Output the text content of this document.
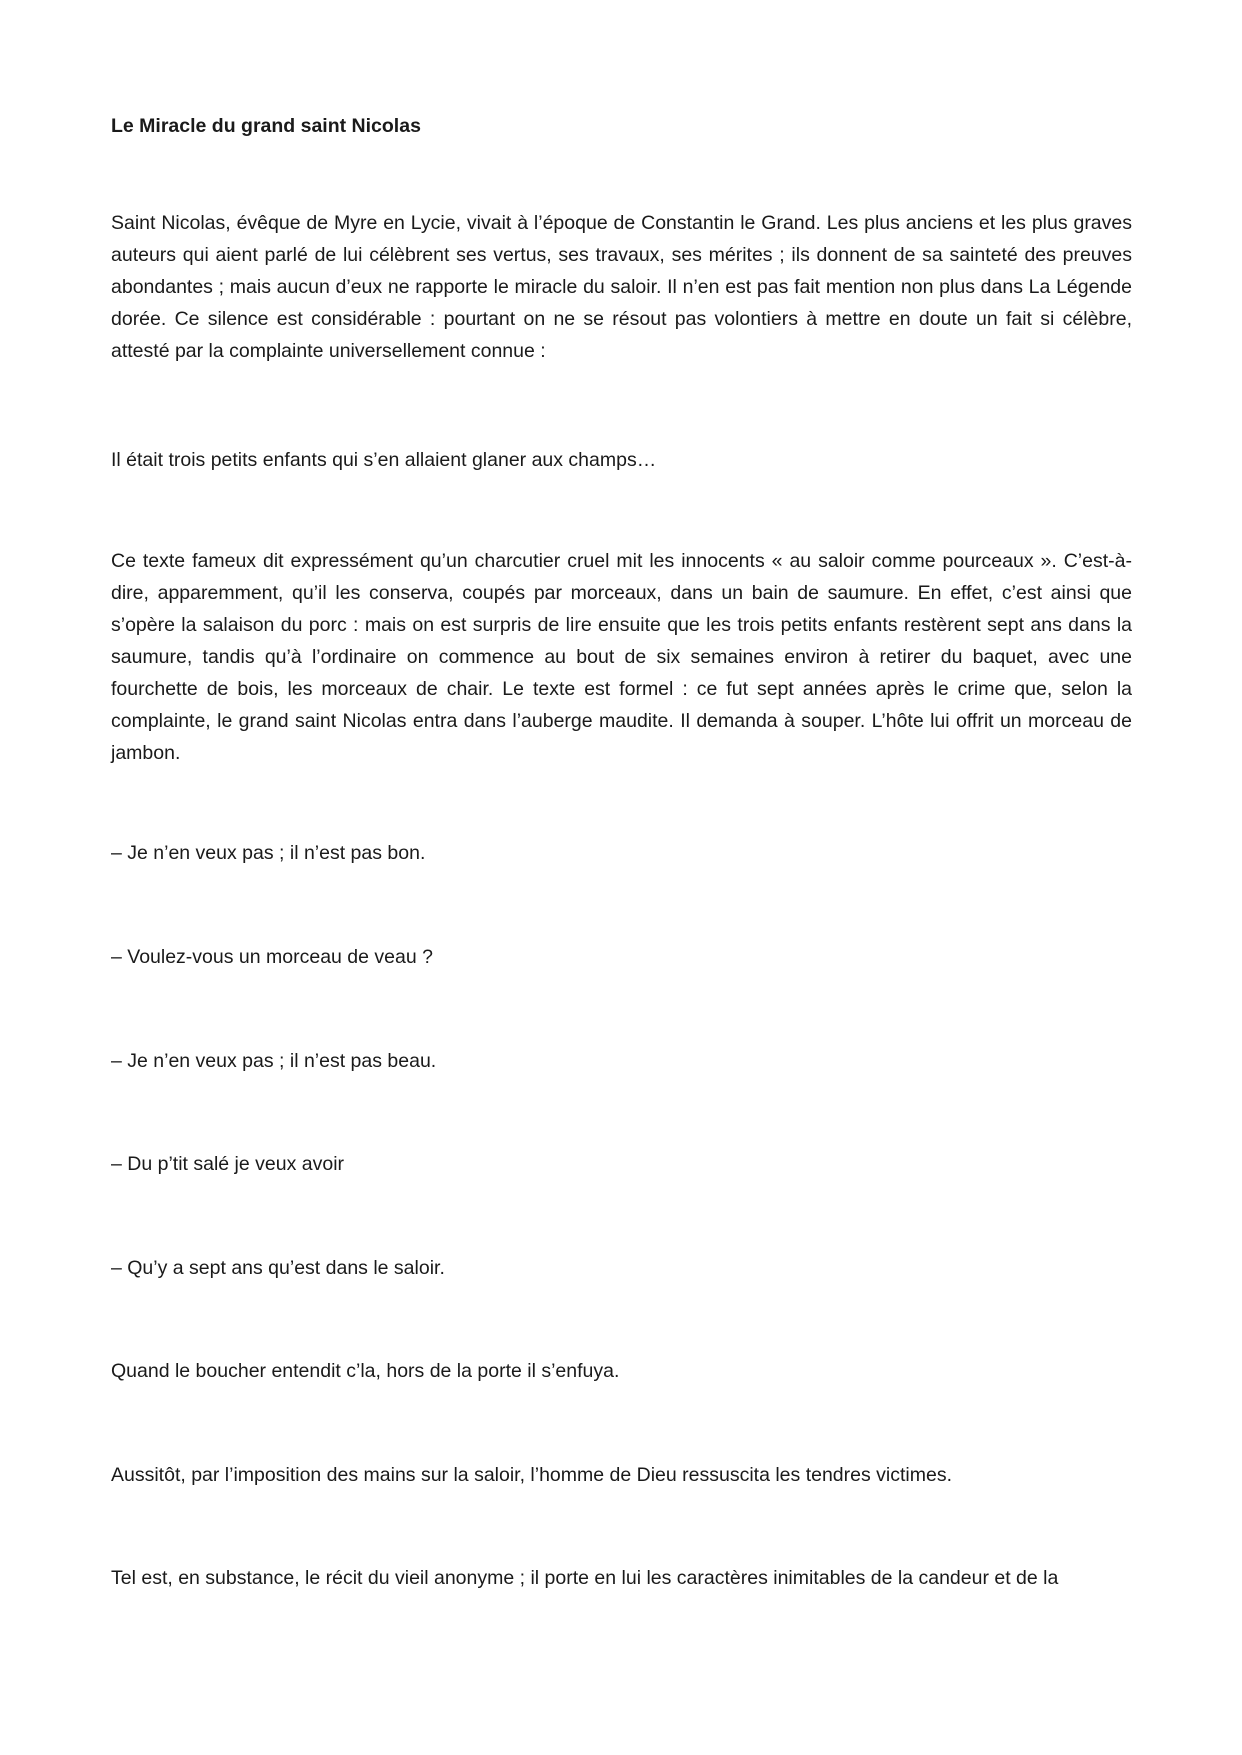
Le Miracle du grand saint Nicolas

Saint Nicolas, évêque de Myre en Lycie, vivait à l’époque de Constantin le Grand. Les plus anciens et les plus graves auteurs qui aient parlé de lui célèbrent ses vertus, ses travaux, ses mérites ; ils donnent de sa sainteté des preuves abondantes ; mais aucun d’eux ne rapporte le miracle du saloir. Il n’en est pas fait mention non plus dans La Légende dorée. Ce silence est considérable : pourtant on ne se résout pas volontiers à mettre en doute un fait si célèbre, attesté par la complainte universellement connue :

Il était trois petits enfants qui s’en allaient glaner aux champs…

Ce texte fameux dit expressément qu’un charcutier cruel mit les innocents « au saloir comme pourceaux ». C’est-à-dire, apparemment, qu’il les conserva, coupés par morceaux, dans un bain de saumure. En effet, c’est ainsi que s’opère la salaison du porc : mais on est surpris de lire ensuite que les trois petits enfants restèrent sept ans dans la saumure, tandis qu’à l’ordinaire on commence au bout de six semaines environ à retirer du baquet, avec une fourchette de bois, les morceaux de chair. Le texte est formel : ce fut sept années après le crime que, selon la complainte, le grand saint Nicolas entra dans l’auberge maudite. Il demanda à souper. L’hôte lui offrit un morceau de jambon.

– Je n’en veux pas ; il n’est pas bon.

– Voulez-vous un morceau de veau ?

– Je n’en veux pas ; il n’est pas beau.

– Du p’tit salé je veux avoir

– Qu’y a sept ans qu’est dans le saloir.

Quand le boucher entendit c’la, hors de la porte il s’enfuya.

Aussitôt, par l’imposition des mains sur la saloir, l’homme de Dieu ressuscita les tendres victimes.

Tel est, en substance, le récit du vieil anonyme ; il porte en lui les caractères inimitables de la candeur et de la
